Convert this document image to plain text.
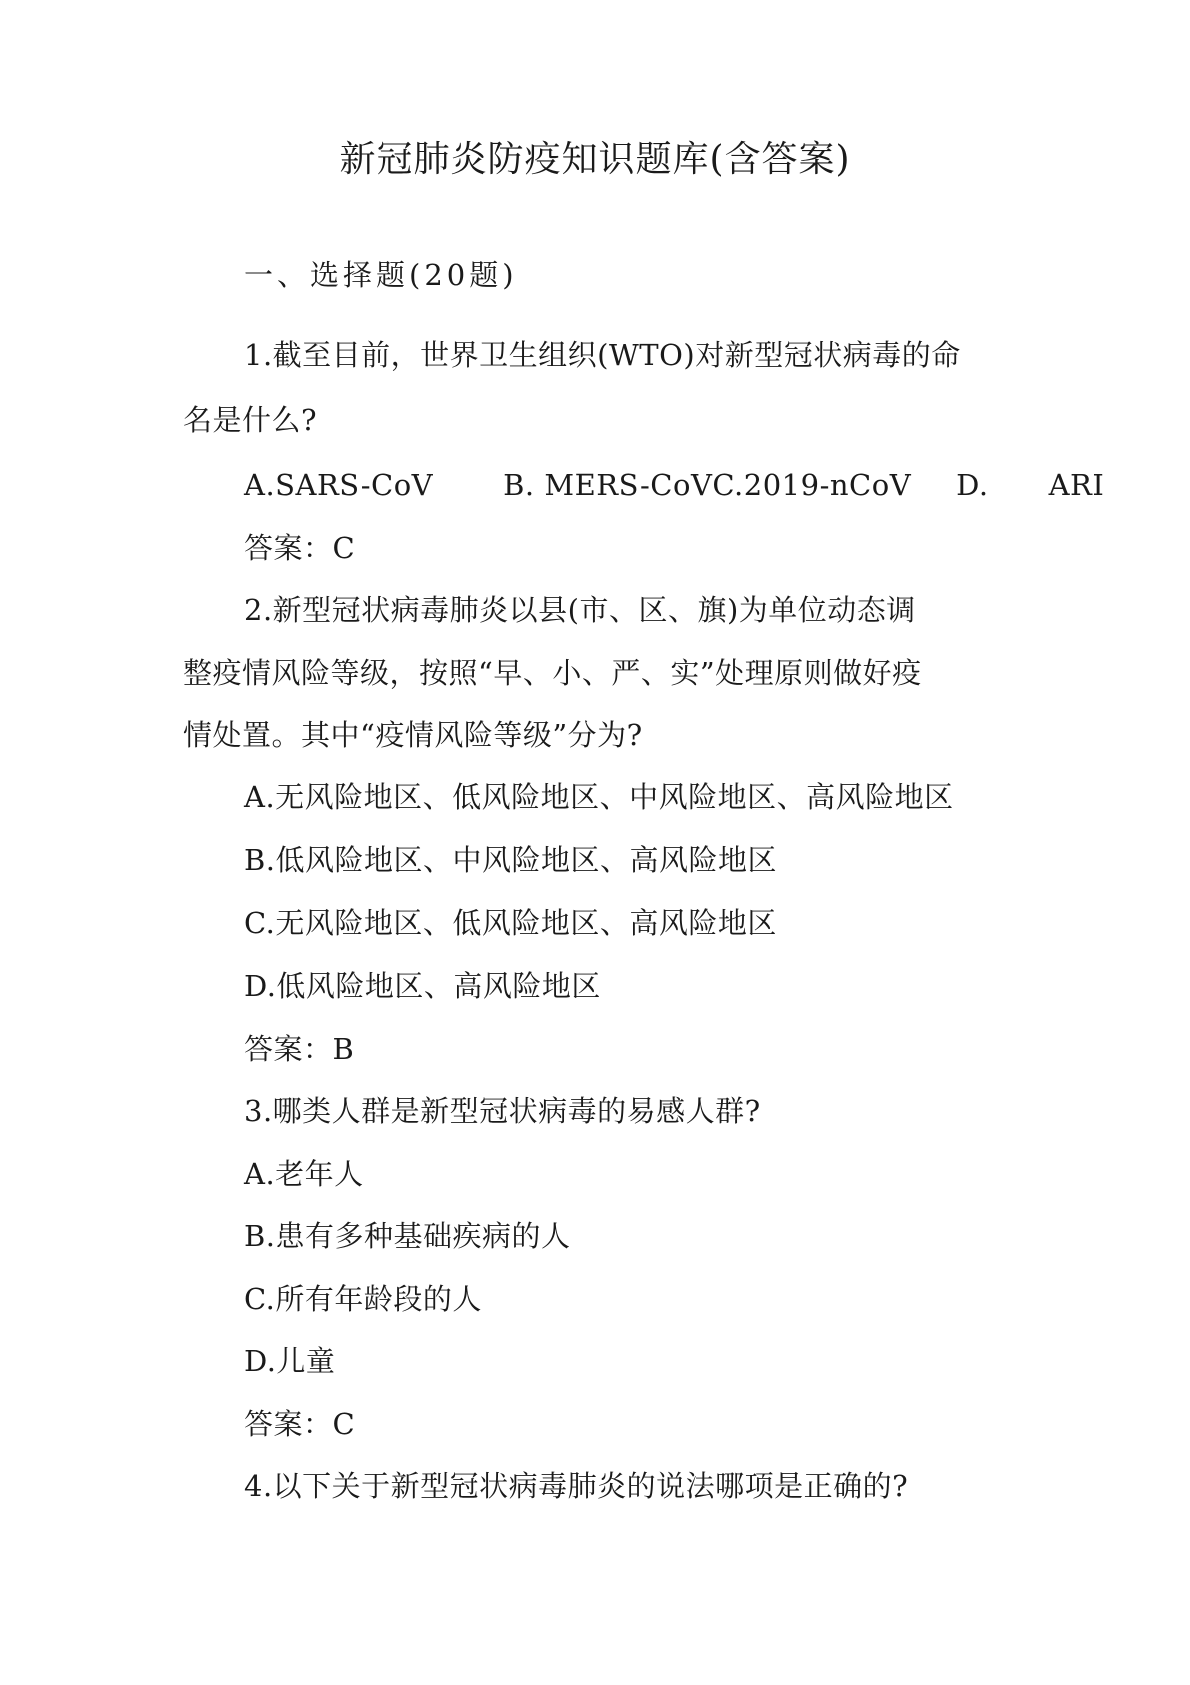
新冠肺炎防疫知识题库(含答案)
一、选择题(20题)
1.截至目前，世界卫生组织(WTO)对新型冠状病毒的命
名是什么?
A.SARS-CoV B. MERS-CoVC.2019-nCoV D. ARI
答案：C
2.新型冠状病毒肺炎以县(市、区、旗)为单位动态调
整疫情风险等级，按照“早、小、严、实”处理原则做好疫
情处置。其中“疫情风险等级”分为?
A.无风险地区、低风险地区、中风险地区、高风险地区
B.低风险地区、中风险地区、高风险地区
C.无风险地区、低风险地区、高风险地区
D.低风险地区、高风险地区
答案：B
3.哪类人群是新型冠状病毒的易感人群?
A.老年人
B.患有多种基础疾病的人
C.所有年龄段的人
D.儿童
答案：C
4.以下关于新型冠状病毒肺炎的说法哪项是正确的?
